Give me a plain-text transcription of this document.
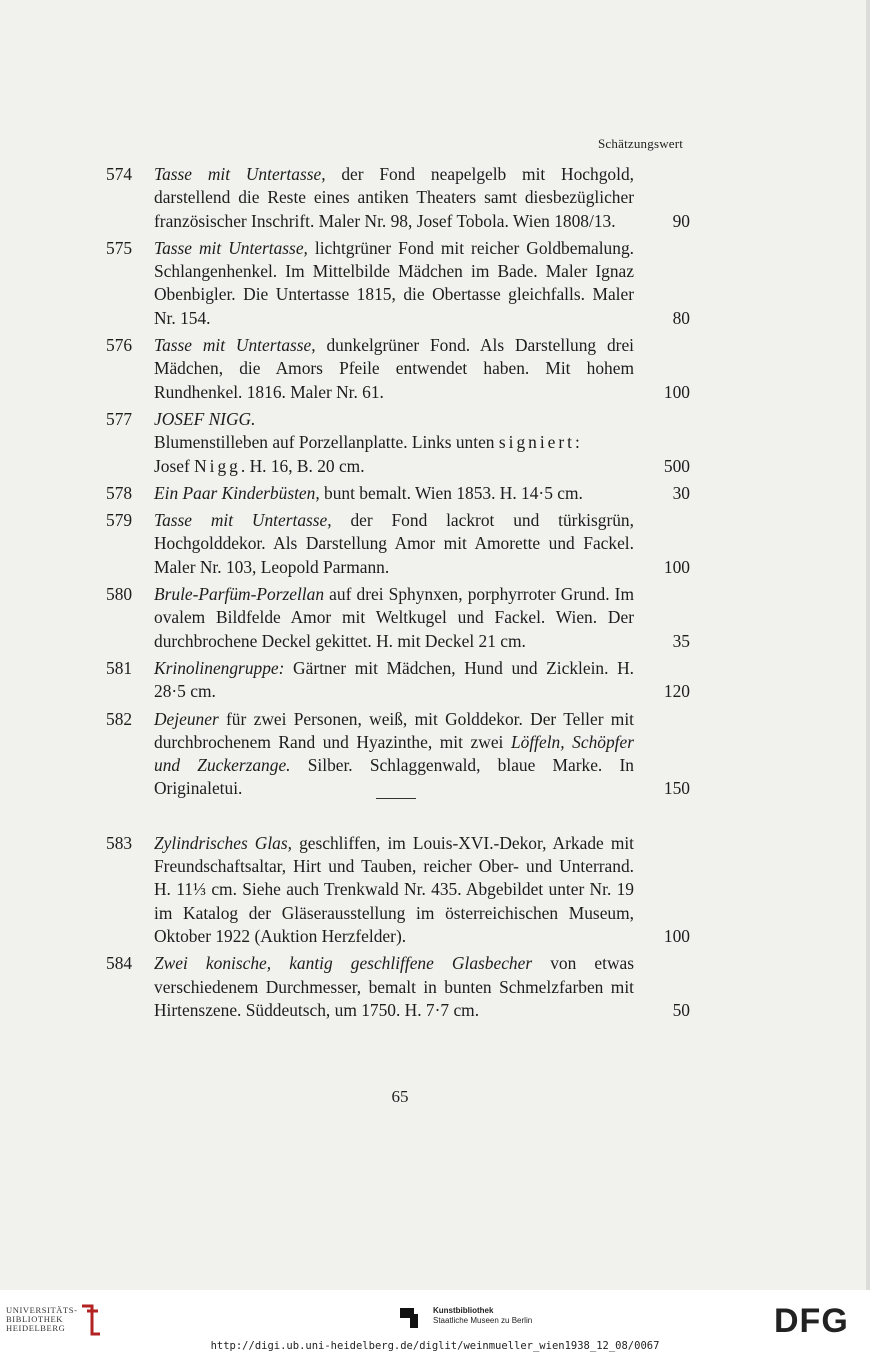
Schätzungswert
574 Tasse mit Untertasse, der Fond neapelgelb mit Hochgold, darstellend die Reste eines antiken Theaters samt diesbezüglicher französischer Inschrift. Maler Nr. 98, Josef Tobola. Wien 1808/13.	90
575 Tasse mit Untertasse, lichtgrüner Fond mit reicher Goldbemalung. Schlangenhenkel. Im Mittelbilde Mädchen im Bade. Maler Ignaz Obenbigler. Die Untertasse 1815, die Obertasse gleichfalls. Maler Nr. 154.	80
576 Tasse mit Untertasse, dunkelgrüner Fond. Als Darstellung drei Mädchen, die Amors Pfeile entwendet haben. Mit hohem Rundhenkel. 1816. Maler Nr. 61.	100
577 JOSEF NIGG.
Blumenstilleben auf Porzellanplatte. Links unten signiert:
Josef Nigg. H. 16, B. 20 cm.	500
578 Ein Paar Kinderbüsten, bunt bemalt. Wien 1853. H. 14·5 cm.	30
579 Tasse mit Untertasse, der Fond lackrot und türkisgrün, Hochgolddekor. Als Darstellung Amor mit Amorette und Fackel. Maler Nr. 103, Leopold Parmann.	100
580 Brule-Parfüm-Porzellan auf drei Sphynxen, porphyrroter Grund. Im ovalem Bildfelde Amor mit Weltkugel und Fackel. Wien. Der durchbrochene Deckel gekittet. H. mit Deckel 21 cm.	35
581 Krinolinengruppe: Gärtner mit Mädchen, Hund und Zicklein. H. 28·5 cm.	120
582 Dejeuner für zwei Personen, weiß, mit Golddekor. Der Teller mit durchbrochenem Rand und Hyazinthe, mit zwei Löffeln, Schöpfer und Zuckerzange. Silber. Schlaggenwald, blaue Marke. In Originaletui.	150
583 Zylindrisches Glas, geschliffen, im Louis-XVI.-Dekor, Arkade mit Freundschaftsaltar, Hirt und Tauben, reicher Ober- und Unterrand. H. 11⅓ cm. Siehe auch Trenkwald Nr. 435. Abgebildet unter Nr. 19 im Katalog der Gläserausstellung im österreichischen Museum, Oktober 1922 (Auktion Herzfelder).	100
584 Zwei konische, kantig geschliffene Glasbecher von etwas verschiedenem Durchmesser, bemalt in bunten Schmelzfarben mit Hirtenszene. Süddeutsch, um 1750. H. 7·7 cm.	50
65
UNIVERSITÄTS-
BIBLIOTHEK
HEIDELBERG
Kunstbibliothek
Staatliche Museen zu Berlin	DFG
http://digi.ub.uni-heidelberg.de/diglit/weinmueller_wien1938_12_08/0067
